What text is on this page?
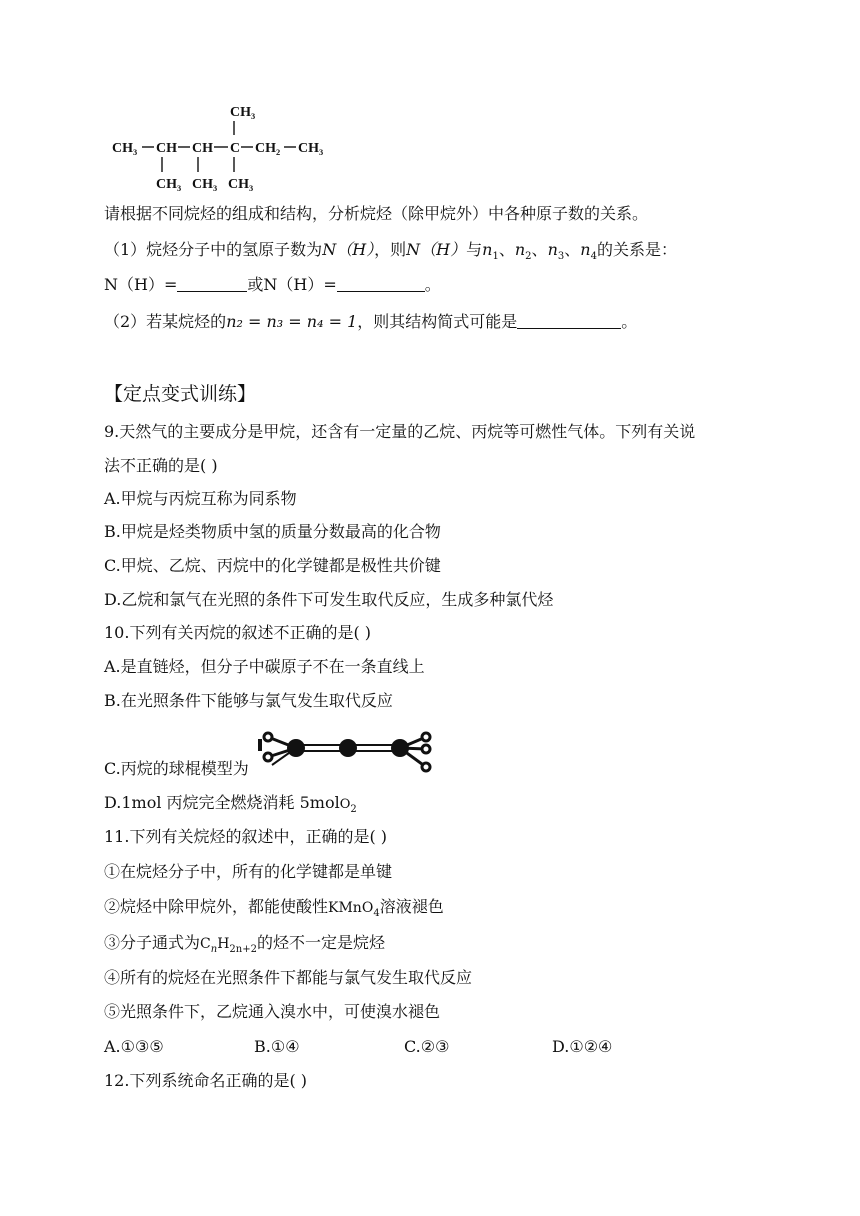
CH₃
CH₃ CH CH C CH₂ CH₃
CH₃ CH₃ CH₃
请根据不同烷烃的组成和结构，分析烷烃（除甲烷外）中各种原子数的关系。
（1）烷烃分子中的氢原子数为N（H），则N（H）与$n_1$、$n_2$、$n_3$、$n_4$的关系是：
N（H）=	或N（H）=	。
（2）若某烷烃的n₂ = n₃ = n₄ = 1，则其结构简式可能是	。
【定点变式训练】
9.天然气的主要成分是甲烷，还含有一定量的乙烷、丙烷等可燃性气体。下列有关说
法不正确的是( )
A.甲烷与丙烷互称为同系物
B.甲烷是烃类物质中氢的质量分数最高的化合物
C.甲烷、乙烷、丙烷中的化学键都是极性共价键
D.乙烷和氯气在光照的条件下可发生取代反应，生成多种氯代烃
10.下列有关丙烷的叙述不正确的是( )
A.是直链烃，但分子中碳原子不在一条直线上
B.在光照条件下能够与氯气发生取代反应
C.丙烷的球棍模型为
D.1mol 丙烷完全燃烧消耗 5molO$_2$
11.下列有关烷烃的叙述中，正确的是( )
①在烷烃分子中，所有的化学键都是单键
②烷烃中除甲烷外，都能使酸性KMnO$_4$溶液褪色
③分子通式为$C_nH_{2n+2}$的烃不一定是烷烃
④所有的烷烃在光照条件下都能与氯气发生取代反应
⑤光照条件下，乙烷通入溴水中，可使溴水褪色
A.①③⑤	B.①④	C.②③	D.①②④
12.下列系统命名正确的是( )
